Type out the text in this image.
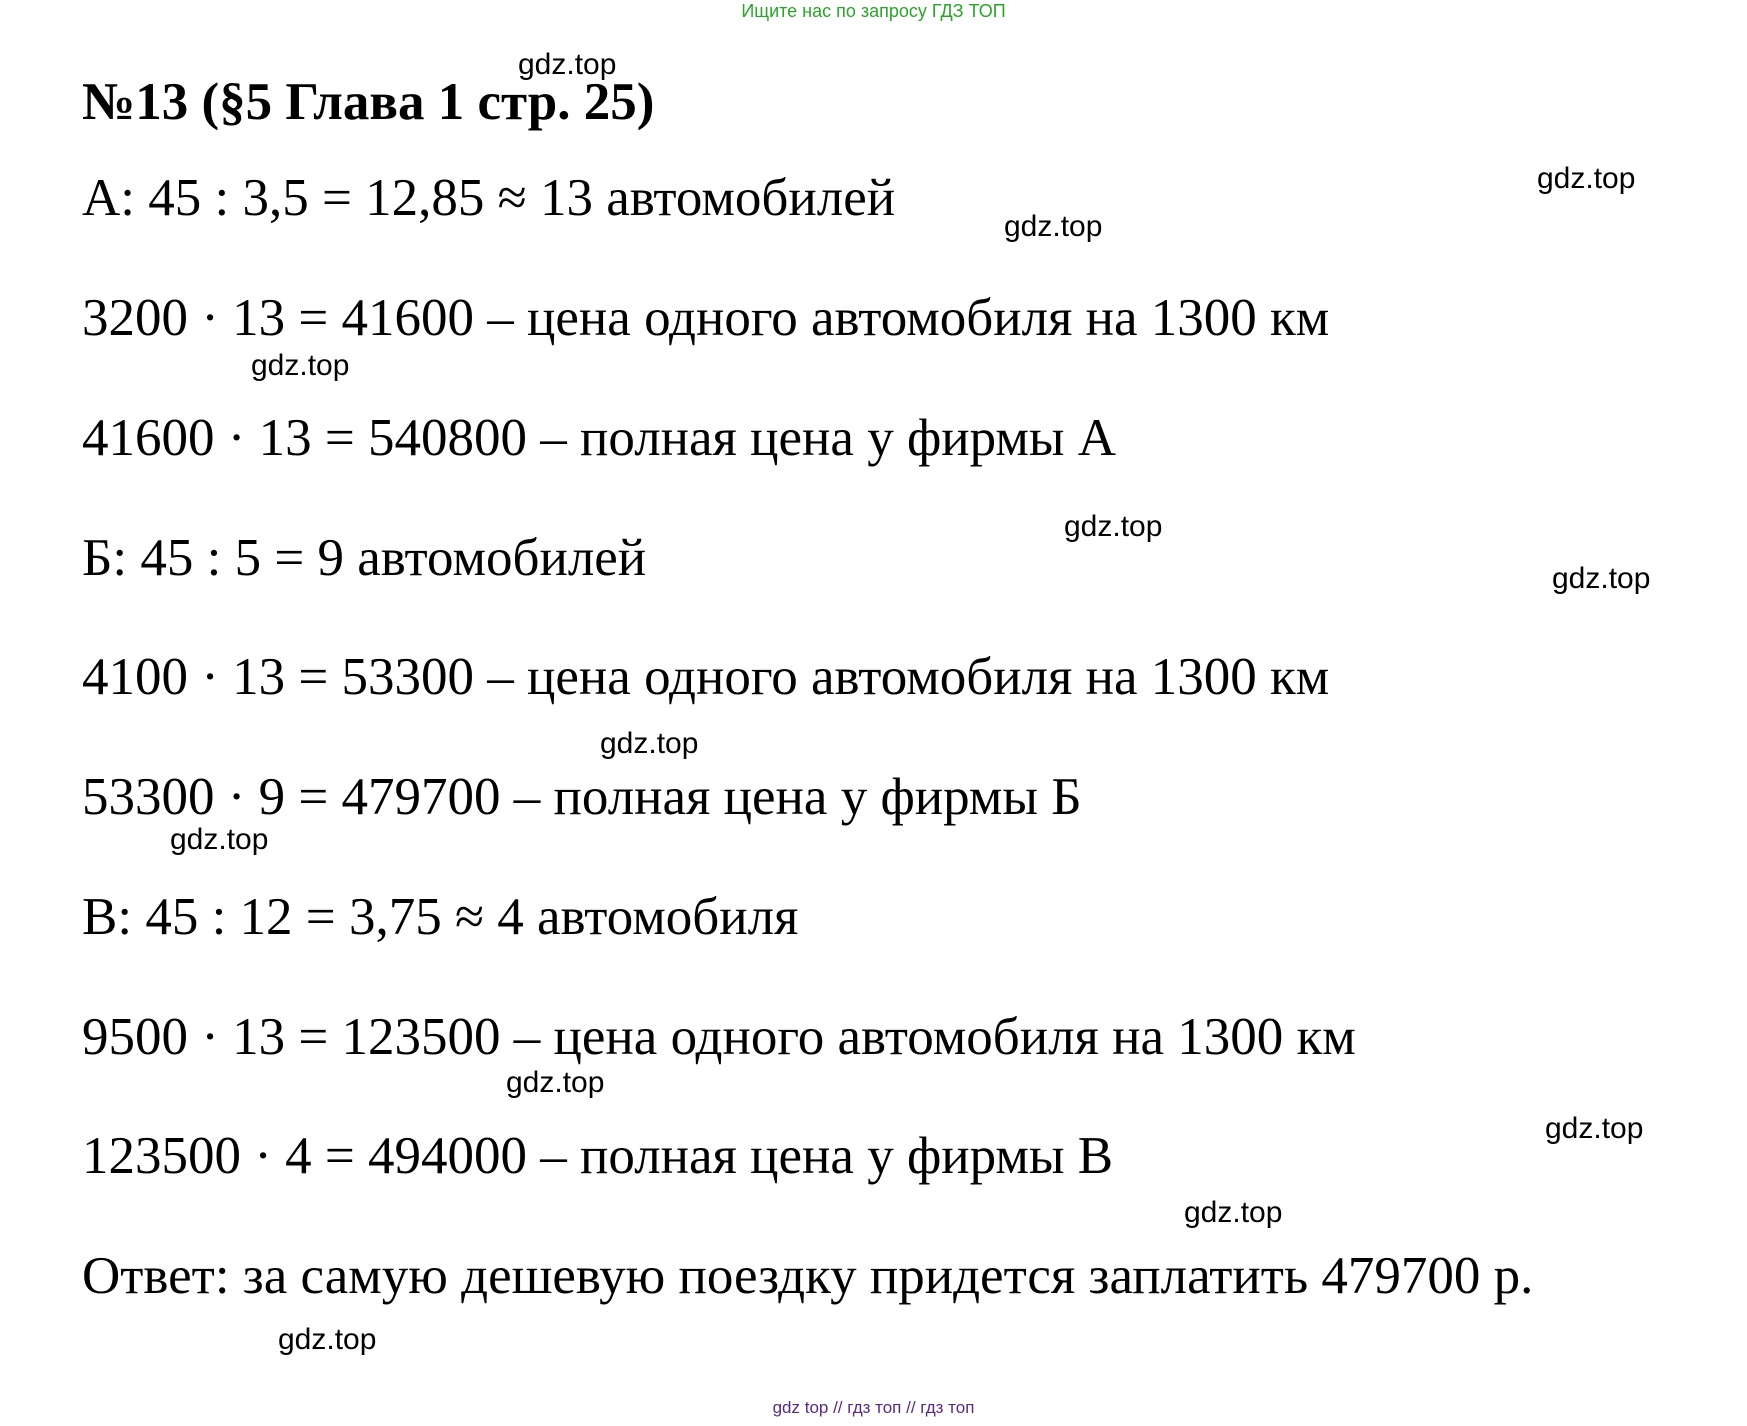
Ищите нас по запросу ГДЗ ТОП
№13 (§5 Глава 1 стр. 25)
А: 45 : 3,5 = 12,85 ≈ 13 автомобилей
3200 · 13 = 41600 – цена одного автомобиля на 1300 км
41600 · 13 = 540800 – полная цена у фирмы А
Б: 45 : 5 = 9 автомобилей
4100 · 13 = 53300 – цена одного автомобиля на 1300 км
53300 · 9 = 479700 – полная цена у фирмы Б
В: 45 : 12 = 3,75 ≈ 4 автомобиля
9500 · 13 = 123500 – цена одного автомобиля на 1300 км
123500 · 4 = 494000 – полная цена у фирмы В
Ответ: за самую дешевую поездку придется заплатить 479700 р.
gdz.top
gdz.top
gdz.top
gdz.top
gdz.top
gdz.top
gdz.top
gdz.top
gdz.top
gdz.top
gdz.top
gdz.top
gdz top // гдз топ // гдз топ
